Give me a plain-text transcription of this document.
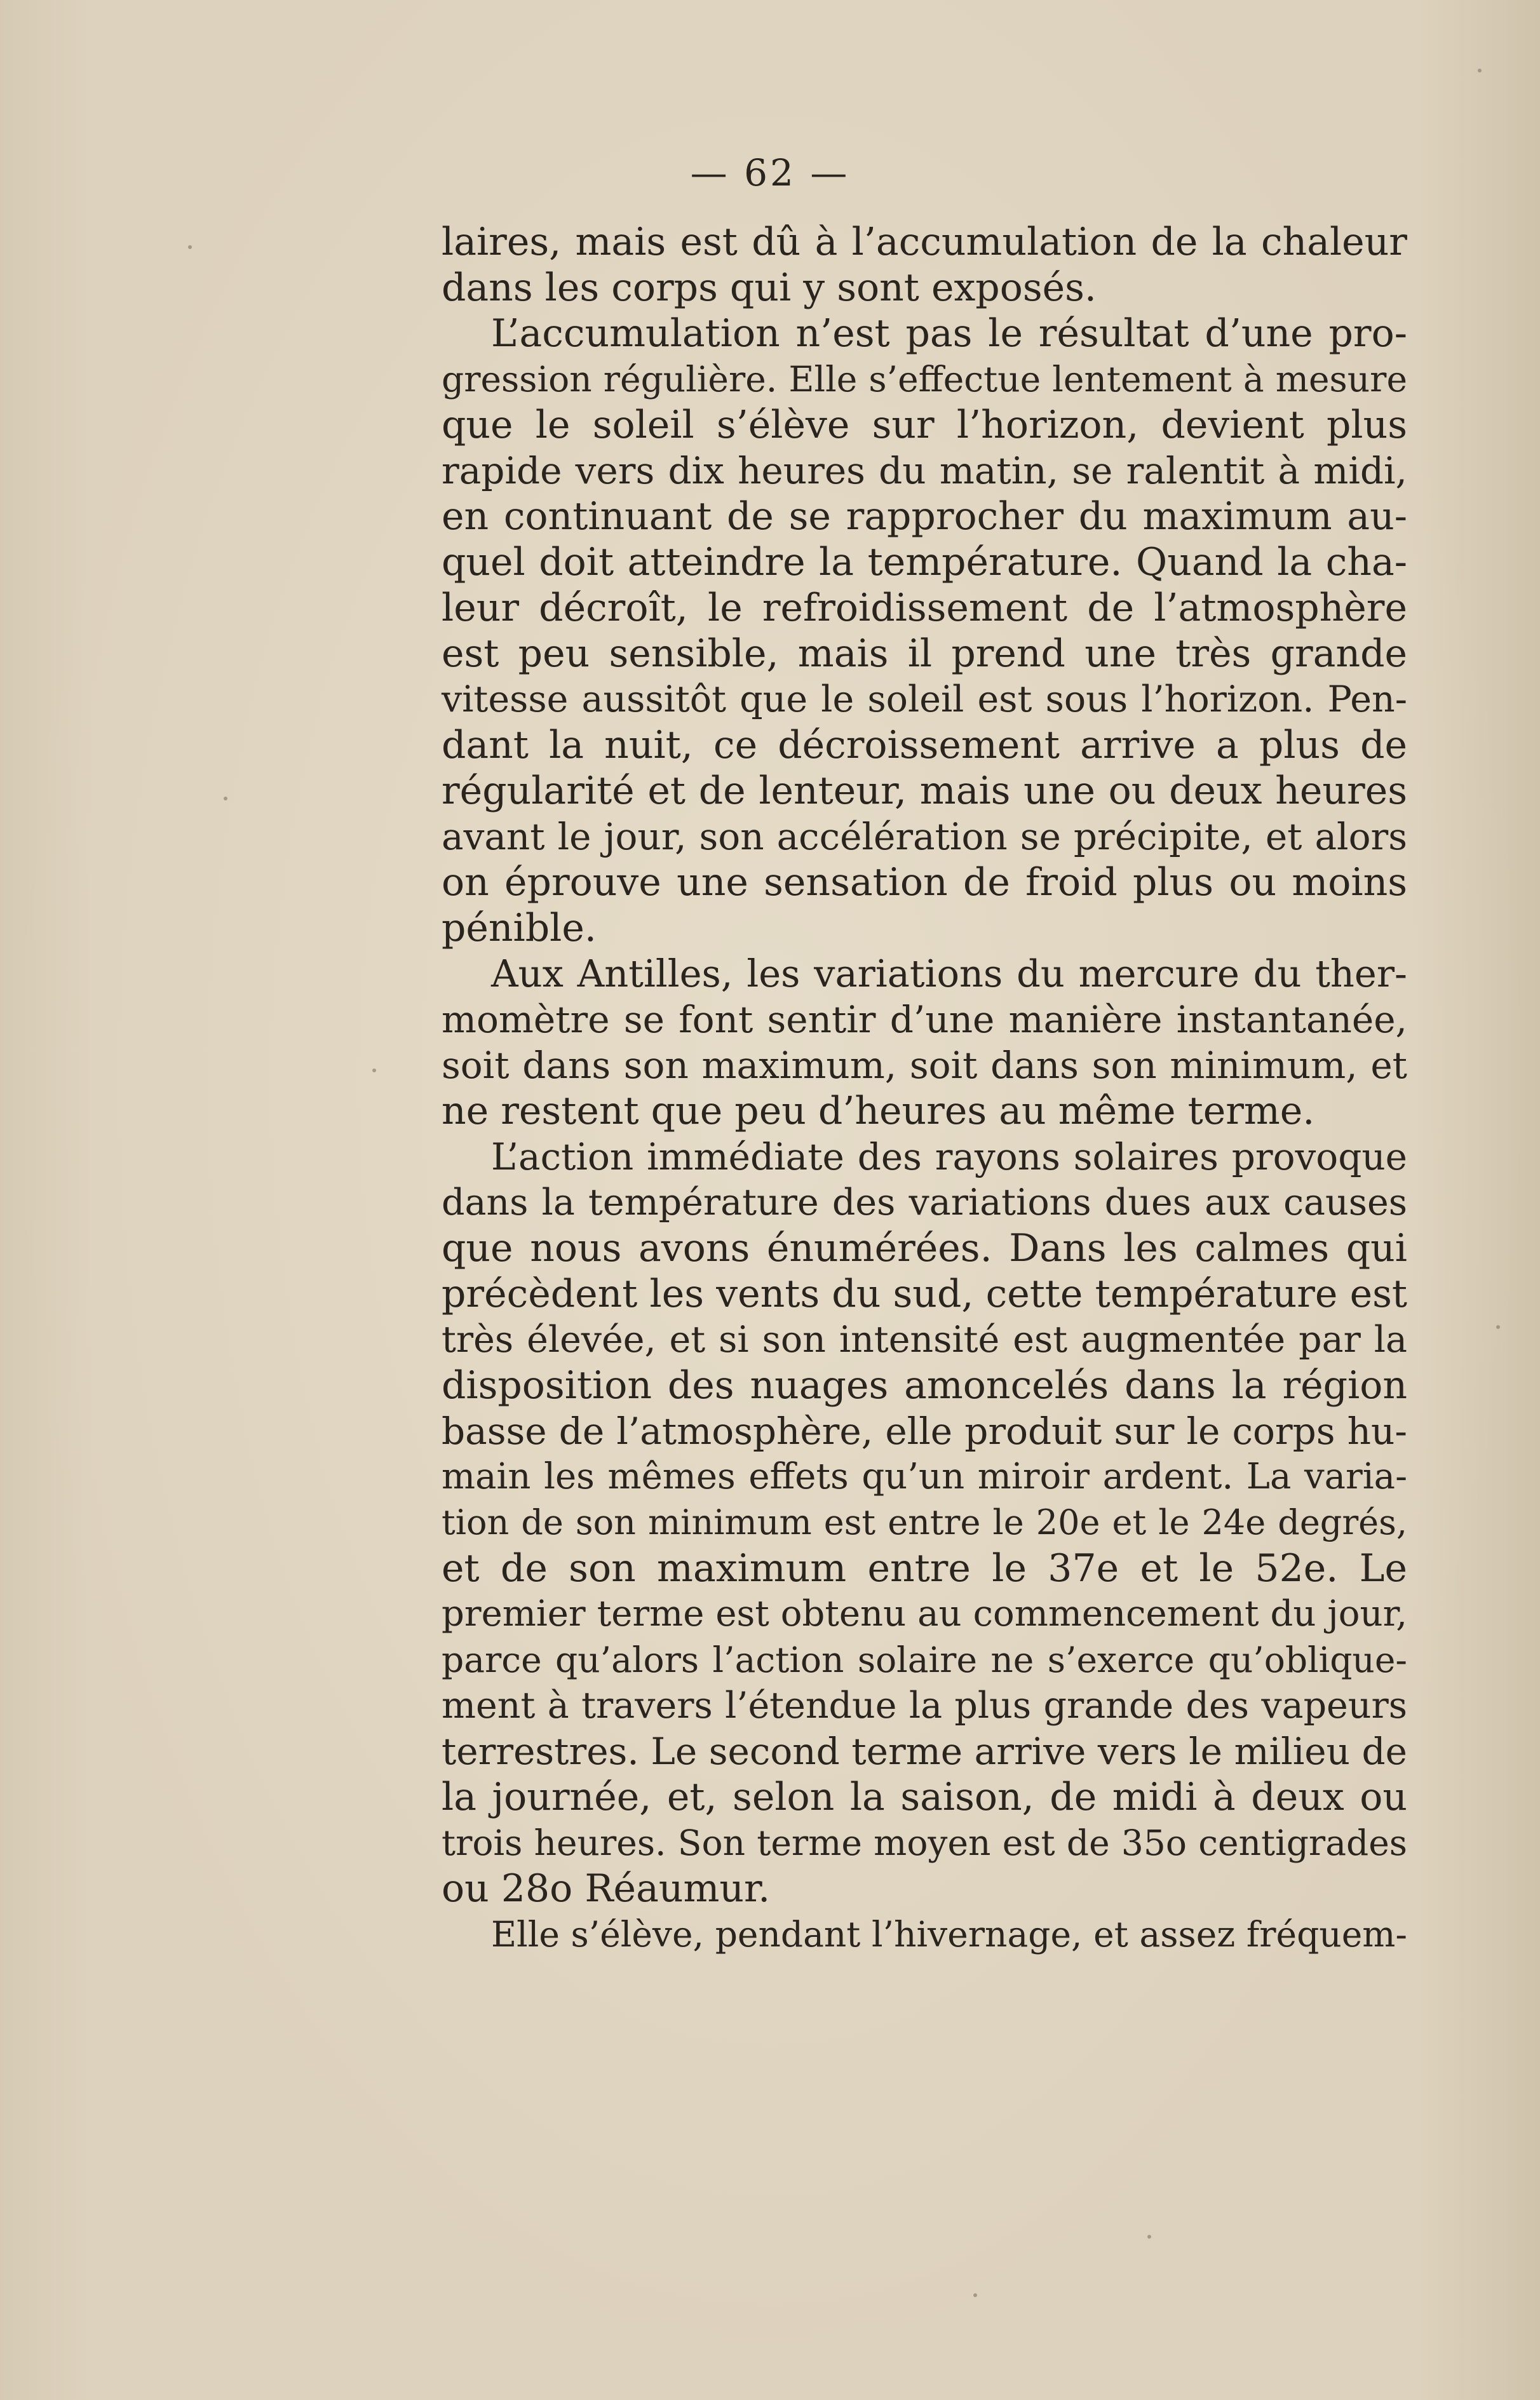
— 62 —
laires, mais est dû à l’accumulation de la chaleur
dans les corps qui y sont exposés.
L’accumulation n’est pas le résultat d’une pro-
gression régulière. Elle s’effectue lentement à mesure
que le soleil s’élève sur l’horizon, devient plus
rapide vers dix heures du matin, se ralentit à midi,
en continuant de se rapprocher du maximum au-
quel doit atteindre la température. Quand la cha-
leur décroît, le refroidissement de l’atmosphère
est peu sensible, mais il prend une très grande
vitesse aussitôt que le soleil est sous l’horizon. Pen-
dant la nuit, ce décroissement arrive a plus de
régularité et de lenteur, mais une ou deux heures
avant le jour, son accélération se précipite, et alors
on éprouve une sensation de froid plus ou moins
pénible.
Aux Antilles, les variations du mercure du ther-
momètre se font sentir d’une manière instantanée,
soit dans son maximum, soit dans son minimum, et
ne restent que peu d’heures au même terme.
L’action immédiate des rayons solaires provoque
dans la température des variations dues aux causes
que nous avons énumérées. Dans les calmes qui
précèdent les vents du sud, cette température est
très élevée, et si son intensité est augmentée par la
disposition des nuages amoncelés dans la région
basse de l’atmosphère, elle produit sur le corps hu-
main les mêmes effets qu’un miroir ardent. La varia-
tion de son minimum est entre le 20e et le 24e degrés,
et de son maximum entre le 37e et le 52e. Le
premier terme est obtenu au commencement du jour,
parce qu’alors l’action solaire ne s’exerce qu’oblique-
ment à travers l’étendue la plus grande des vapeurs
terrestres. Le second terme arrive vers le milieu de
la journée, et, selon la saison, de midi à deux ou
trois heures. Son terme moyen est de 35o centigrades
ou 28o Réaumur.
Elle s’élève, pendant l’hivernage, et assez fréquem-
